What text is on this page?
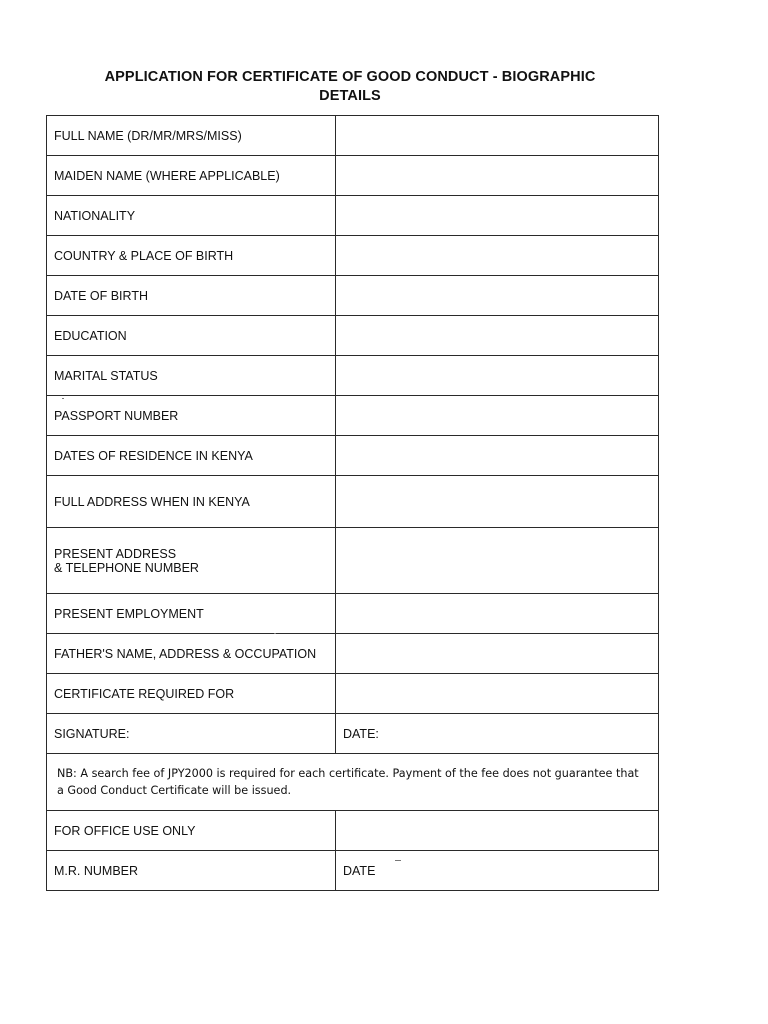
APPLICATION FOR CERTIFICATE OF GOOD CONDUCT - BIOGRAPHIC
DETAILS
FULL NAME (DR/MR/MRS/MISS)	
MAIDEN NAME (WHERE APPLICABLE)	
NATIONALITY	
COUNTRY & PLACE OF BIRTH	
DATE OF BIRTH	
EDUCATION	
MARITAL STATUS	
PASSPORT NUMBER	
DATES OF RESIDENCE IN KENYA	
FULL ADDRESS WHEN IN KENYA	

PRESENT ADDRESS
& TELEPHONE NUMBER	

PRESENT EMPLOYMENT	
FATHER'S NAME, ADDRESS & OCCUPATION	
CERTIFICATE REQUIRED FOR	
SIGNATURE:	DATE:

NB: A search fee of JPY2000 is required for each certificate. Payment of the fee does not guarantee that
a Good Conduct Certificate will be issued.	

FOR OFFICE USE ONLY	
M.R. NUMBER	DATE
